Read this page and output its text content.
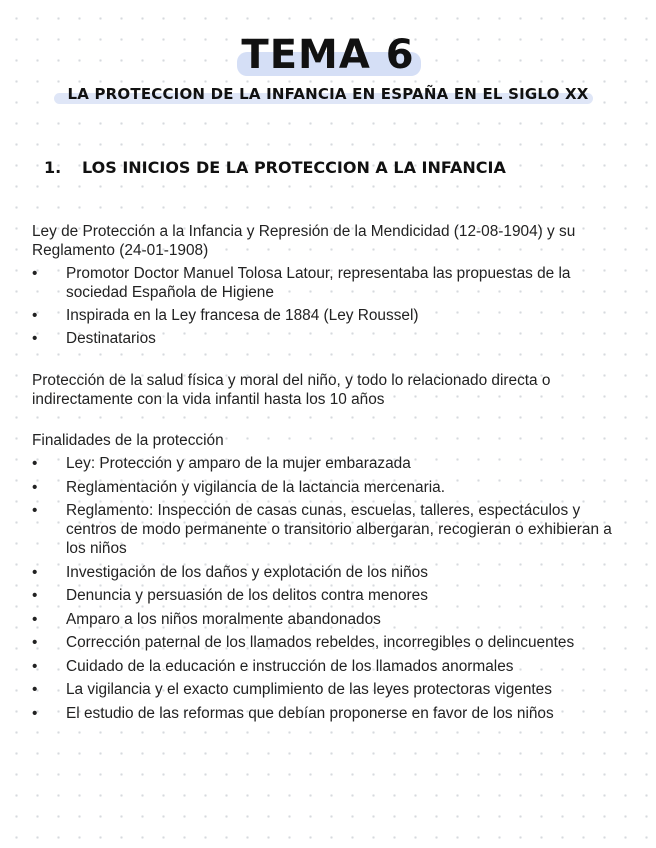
TEMA 6
LA PROTECCION DE LA INFANCIA EN ESPAÑA EN EL SIGLO XX
1. LOS INICIOS DE LA PROTECCION A LA INFANCIA
Ley de Protección a la Infancia y Represión de la Mendicidad (12-08-1904) y su Reglamento (24-01-1908)
• Promotor Doctor Manuel Tolosa Latour, representaba las propuestas de la sociedad Española de Higiene
• Inspirada en la Ley francesa de 1884 (Ley Roussel)
• Destinatarios
Protección de la salud física y moral del niño, y todo lo relacionado directa o indirectamente con la vida infantil hasta los 10 años
Finalidades de la protección
• Ley: Protección y amparo de la mujer embarazada
• Reglamentación y vigilancia de la lactancia mercenaria.
• Reglamento: Inspección de casas cunas, escuelas, talleres, espectáculos y centros de modo permanente o transitorio albergaran, recogieran o exhibieran a los niños
• Investigación de los daños y explotación de los niños
• Denuncia y persuasión de los delitos contra menores
• Amparo a los niños moralmente abandonados
• Corrección paternal de los llamados rebeldes, incorregibles o delincuentes
• Cuidado de la educación e instrucción de los llamados anormales
• La vigilancia y el exacto cumplimiento de las leyes protectoras vigentes
• El estudio de las reformas que debían proponerse en favor de los niños
